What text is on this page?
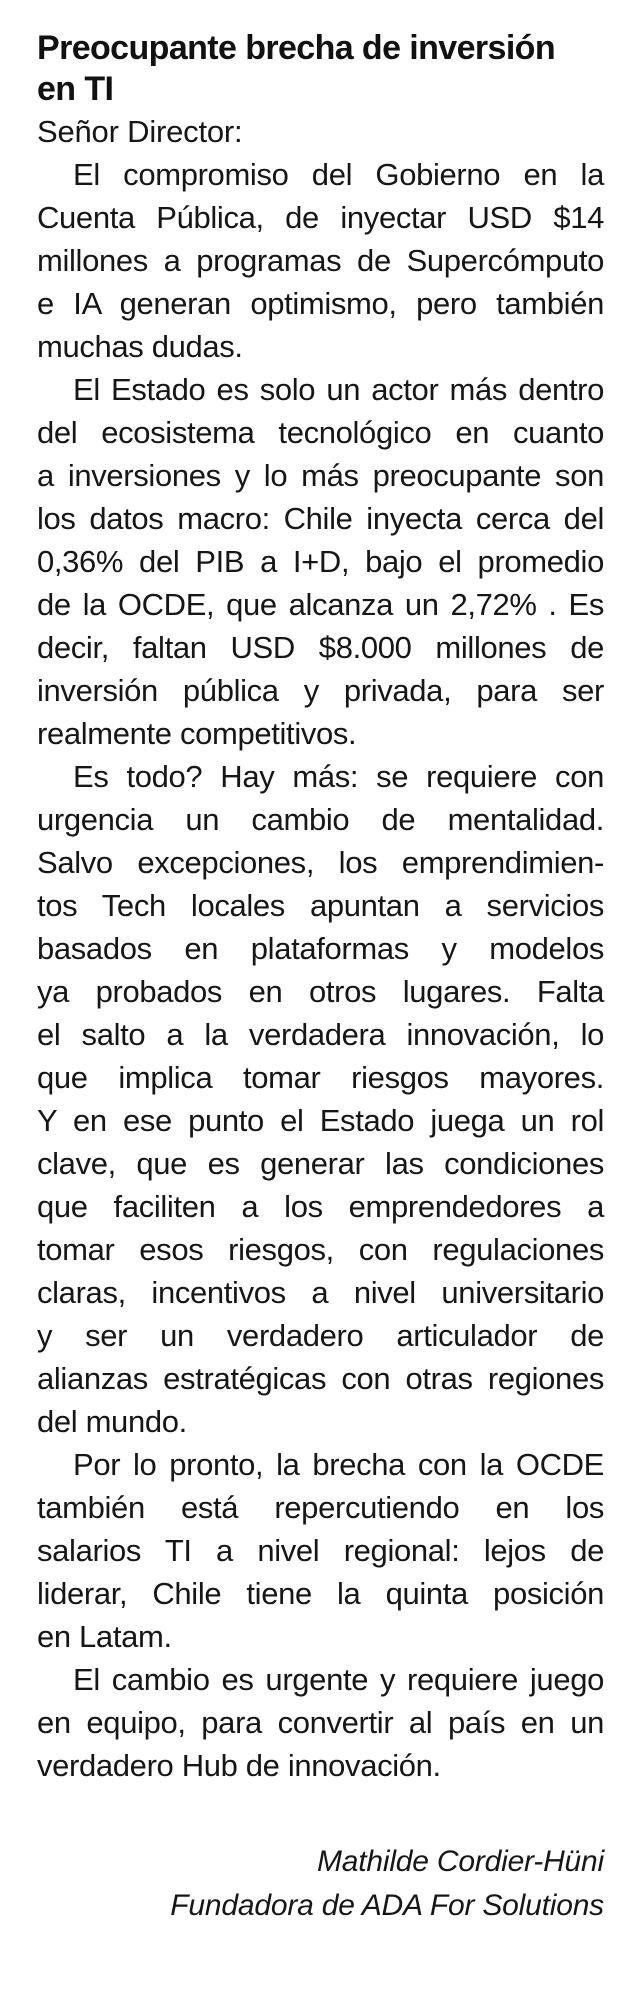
Preocupante brecha de inversión
en TI

Señor Director:

El compromiso del Gobierno en la
Cuenta Pública, de inyectar USD $14
millones a programas de Supercómputo
e IA generan optimismo, pero también
muchas dudas.
El Estado es solo un actor más dentro
del ecosistema tecnológico en cuanto
a inversiones y lo más preocupante son
los datos macro: Chile inyecta cerca del
0,36% del PIB a I+D, bajo el promedio
de la OCDE, que alcanza un 2,72% . Es
decir, faltan USD $8.000 millones de
inversión pública y privada, para ser
realmente competitivos.
Es todo? Hay más: se requiere con
urgencia un cambio de mentalidad.
Salvo excepciones, los emprendimien-
tos Tech locales apuntan a servicios
basados en plataformas y modelos
ya probados en otros lugares. Falta
el salto a la verdadera innovación, lo
que implica tomar riesgos mayores.
Y en ese punto el Estado juega un rol
clave, que es generar las condiciones
que faciliten a los emprendedores a
tomar esos riesgos, con regulaciones
claras, incentivos a nivel universitario
y ser un verdadero articulador de
alianzas estratégicas con otras regiones
del mundo.
Por lo pronto, la brecha con la OCDE
también está repercutiendo en los
salarios TI a nivel regional: lejos de
liderar, Chile tiene la quinta posición
en Latam.
El cambio es urgente y requiere juego
en equipo, para convertir al país en un
verdadero Hub de innovación.
Mathilde Cordier-Hüni
Fundadora de ADA For Solutions
